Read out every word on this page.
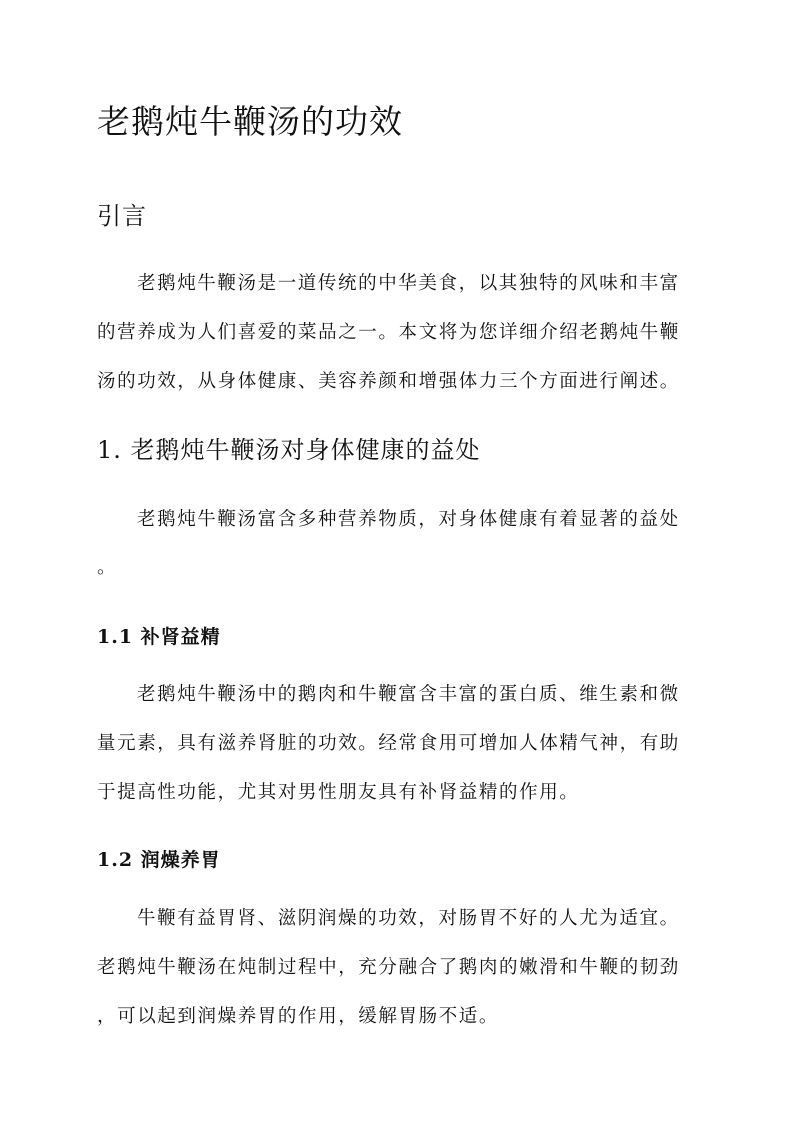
老鹅炖牛鞭汤的功效
引言

老鹅炖牛鞭汤是一道传统的中华美食，以其独特的风味和丰富

的营养成为人们喜爱的菜品之一。本文将为您详细介绍老鹅炖牛鞭

汤的功效，从身体健康、美容养颜和增强体力三个方面进行阐述。

1. 老鹅炖牛鞭汤对身体健康的益处

老鹅炖牛鞭汤富含多种营养物质，对身体健康有着显著的益处

。

1.1 补肾益精

老鹅炖牛鞭汤中的鹅肉和牛鞭富含丰富的蛋白质、维生素和微

量元素，具有滋养肾脏的功效。经常食用可增加人体精气神，有助

于提高性功能，尤其对男性朋友具有补肾益精的作用。

1.2 润燥养胃

牛鞭有益胃肾、滋阴润燥的功效，对肠胃不好的人尤为适宜。

老鹅炖牛鞭汤在炖制过程中，充分融合了鹅肉的嫩滑和牛鞭的韧劲

，可以起到润燥养胃的作用，缓解胃肠不适。
